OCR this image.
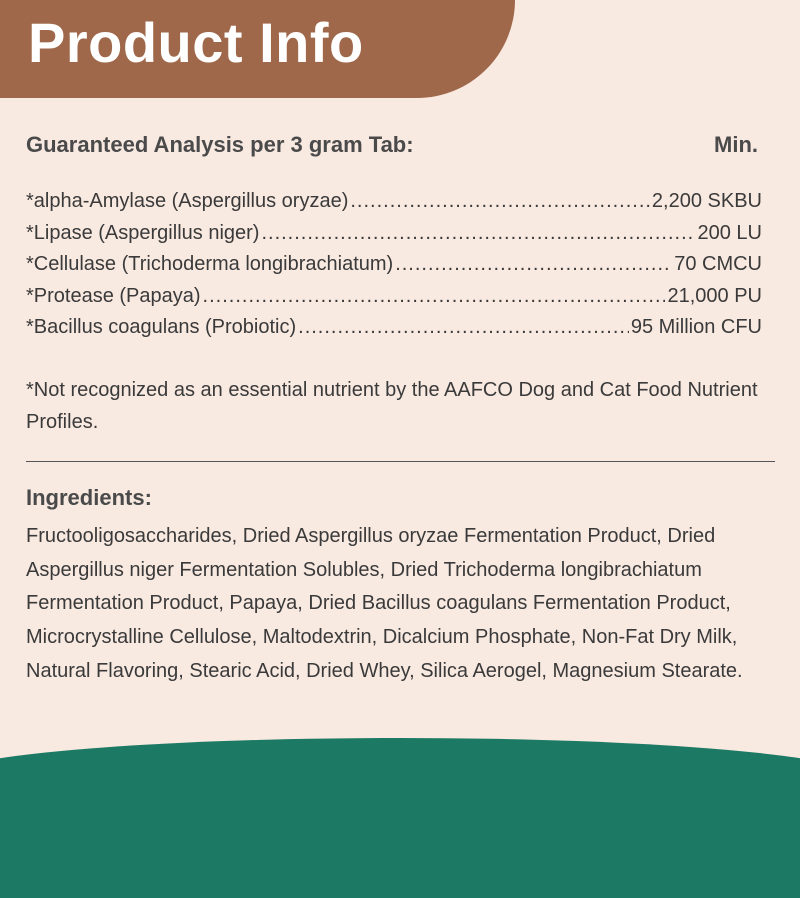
Product Info
Guaranteed Analysis per 3 gram Tab:	Min.
*alpha-Amylase (Aspergillus oryzae) .....	2,200 SKBU
*Lipase (Aspergillus niger) .....	200 LU
*Cellulase (Trichoderma longibrachiatum) .....	70 CMCU
*Protease (Papaya) .....	21,000 PU
*Bacillus coagulans (Probiotic) .....	95 Million CFU
*Not recognized as an essential nutrient by the AAFCO Dog and Cat Food Nutrient Profiles.
Ingredients:
Fructooligosaccharides, Dried Aspergillus oryzae Fermentation Product, Dried Aspergillus niger Fermentation Solubles, Dried Trichoderma longibrachiatum Fermentation Product, Papaya, Dried Bacillus coagulans Fermentation Product, Microcrystalline Cellulose, Maltodextrin, Dicalcium Phosphate, Non-Fat Dry Milk, Natural Flavoring, Stearic Acid, Dried Whey, Silica Aerogel, Magnesium Stearate.
